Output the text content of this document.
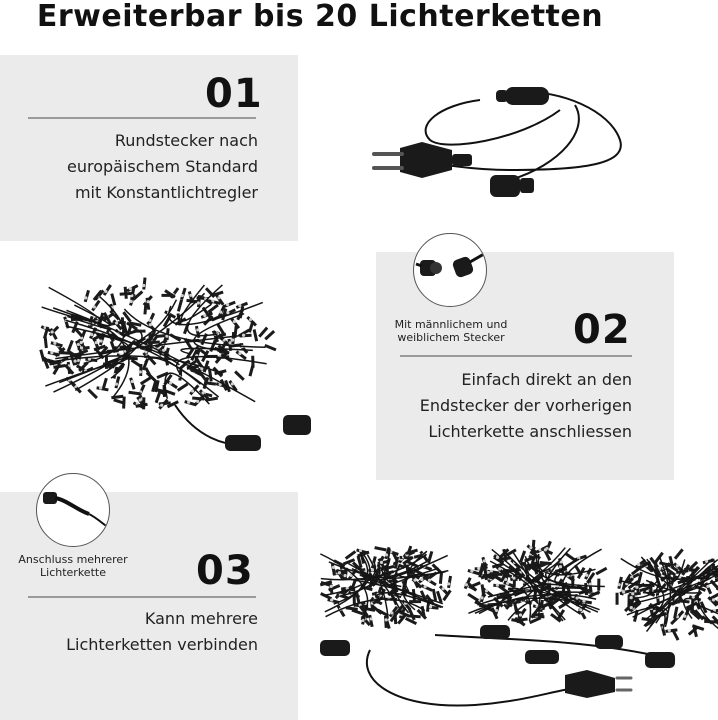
Erweiterbar bis 20 Lichterketten
01
Rundstecker nach
europäischem Standard
mit Konstantlichtregler
Mit männlichem und
weiblichem Stecker	02
Einfach direkt an den
Endstecker der vorherigen
Lichterkette anschliessen
Anschluss mehrerer
Lichterkette	03
Kann mehrere
Lichterketten verbinden
